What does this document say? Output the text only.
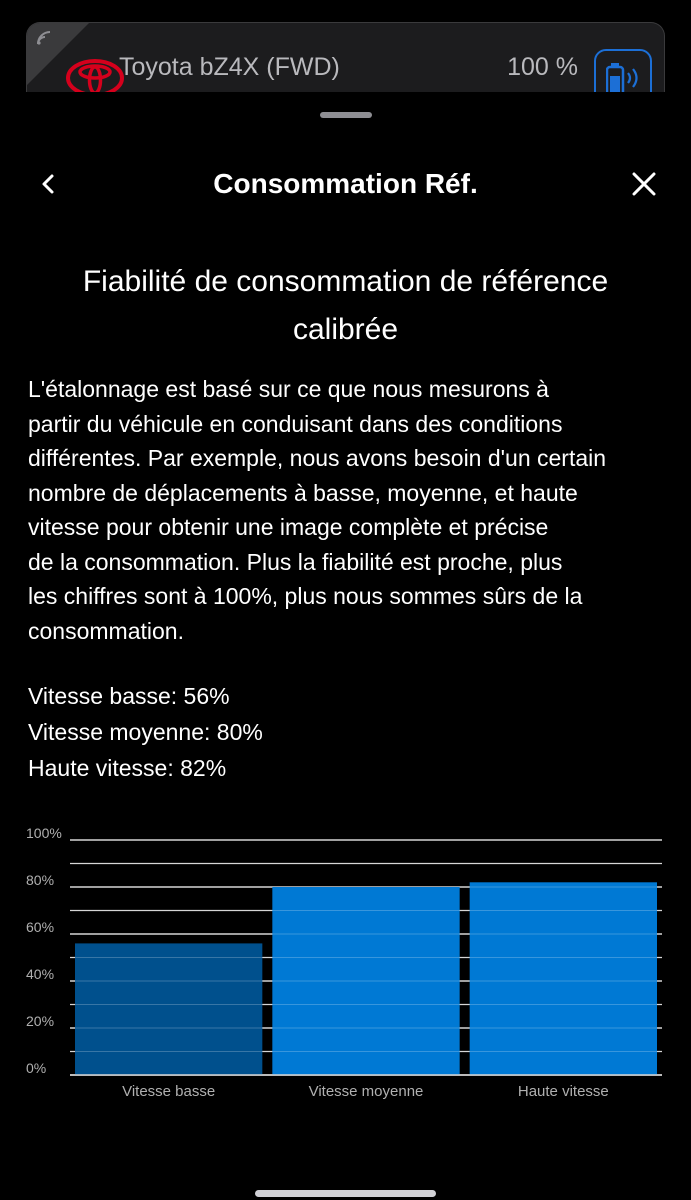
Toyota bZ4X (FWD)	100 %
Consommation Réf.
Fiabilité de consommation de référence calibrée
L'étalonnage est basé sur ce que nous mesurons à
partir du véhicule en conduisant dans des conditions
différentes. Par exemple, nous avons besoin d'un certain
nombre de déplacements à basse, moyenne, et haute
vitesse pour obtenir une image complète et précise
de la consommation. Plus la fiabilité est proche, plus
les chiffres sont à 100%, plus nous sommes sûrs de la
consommation.
Vitesse basse: 56%
Vitesse moyenne: 80%
Haute vitesse: 82%
0%
20%
40%
60%
80%
100%
Vitesse basse	Vitesse moyenne	Haute vitesse
